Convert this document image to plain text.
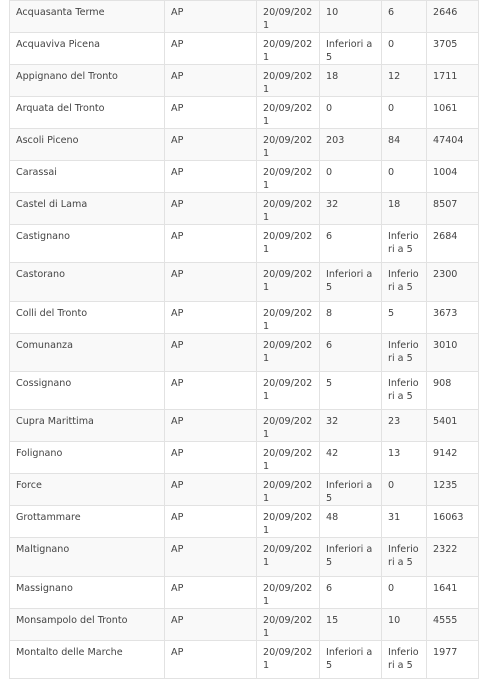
Acquasanta Terme	AP	20/09/2021	10	6	2646
Acquaviva Picena	AP	20/09/2021	Inferiori a 5	0	3705
Appignano del Tronto	AP	20/09/2021	18	12	1711
Arquata del Tronto	AP	20/09/2021	0	0	1061
Ascoli Piceno	AP	20/09/2021	203	84	47404
Carassai	AP	20/09/2021	0	0	1004
Castel di Lama	AP	20/09/2021	32	18	8507
Castignano	AP	20/09/2021	6	Inferiori a 5	2684
Castorano	AP	20/09/2021	Inferiori a 5	Inferiori a 5	2300
Colli del Tronto	AP	20/09/2021	8	5	3673
Comunanza	AP	20/09/2021	6	Inferiori a 5	3010
Cossignano	AP	20/09/2021	5	Inferiori a 5	908
Cupra Marittima	AP	20/09/2021	32	23	5401
Folignano	AP	20/09/2021	42	13	9142
Force	AP	20/09/2021	Inferiori a 5	0	1235
Grottammare	AP	20/09/2021	48	31	16063
Maltignano	AP	20/09/2021	Inferiori a 5	Inferiori a 5	2322
Massignano	AP	20/09/2021	6	0	1641
Monsampolo del Tronto	AP	20/09/2021	15	10	4555
Montalto delle Marche	AP	20/09/2021	Inferiori a 5	Inferiori a 5	1977
